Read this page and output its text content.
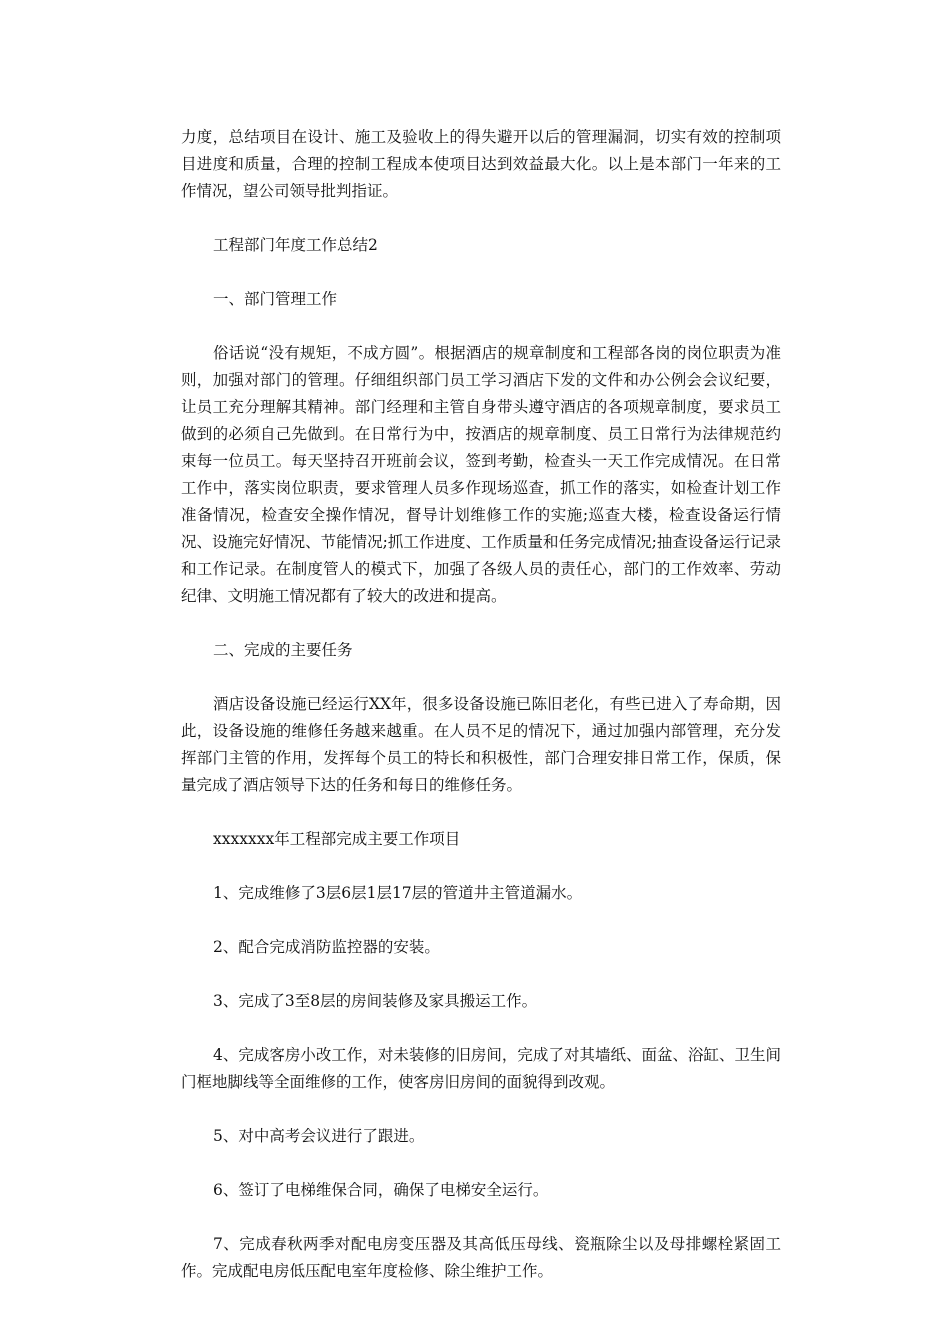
力度，总结项目在设计、施工及验收上的得失避开以后的管理漏洞，切实有效的控制项目进度和质量，合理的控制工程成本使项目达到效益最大化。以上是本部门一年来的工作情况，望公司领导批判指证。

工程部门年度工作总结2
一、部门管理工作

俗话说“没有规矩，不成方圆”。根据酒店的规章制度和工程部各岗的岗位职责为准则，加强对部门的管理。仔细组织部门员工学习酒店下发的文件和办公例会会议纪要，让员工充分理解其精神。部门经理和主管自身带头遵守酒店的各项规章制度，要求员工做到的必须自己先做到。在日常行为中，按酒店的规章制度、员工日常行为法律规范约束每一位员工。每天坚持召开班前会议，签到考勤，检查头一天工作完成情况。在日常工作中，落实岗位职责，要求管理人员多作现场巡查，抓工作的落实，如检查计划工作准备情况，检查安全操作情况，督导计划维修工作的实施;巡查大楼，检查设备运行情况、设施完好情况、节能情况;抓工作进度、工作质量和任务完成情况;抽查设备运行记录和工作记录。在制度管人的模式下，加强了各级人员的责任心，部门的工作效率、劳动纪律、文明施工情况都有了较大的改进和提高。

二、完成的主要任务

酒店设备设施已经运行XX年，很多设备设施已陈旧老化，有些已进入了寿命期，因此，设备设施的维修任务越来越重。在人员不足的情况下，通过加强内部管理，充分发挥部门主管的作用，发挥每个员工的特长和积极性，部门合理安排日常工作，保质，保量完成了酒店领导下达的任务和每日的维修任务。

xxxxxxx年工程部完成主要工作项目

1、完成维修了3层6层1层17层的管道井主管道漏水。

2、配合完成消防监控器的安装。

3、完成了3至8层的房间装修及家具搬运工作。

4、完成客房小改工作，对未装修的旧房间，完成了对其墙纸、面盆、浴缸、卫生间门框地脚线等全面维修的工作，使客房旧房间的面貌得到改观。

5、对中高考会议进行了跟进。

6、签订了电梯维保合同，确保了电梯安全运行。

7、完成春秋两季对配电房变压器及其高低压母线、瓷瓶除尘以及母排螺栓紧固工作。完成配电房低压配电室年度检修、除尘维护工作。
